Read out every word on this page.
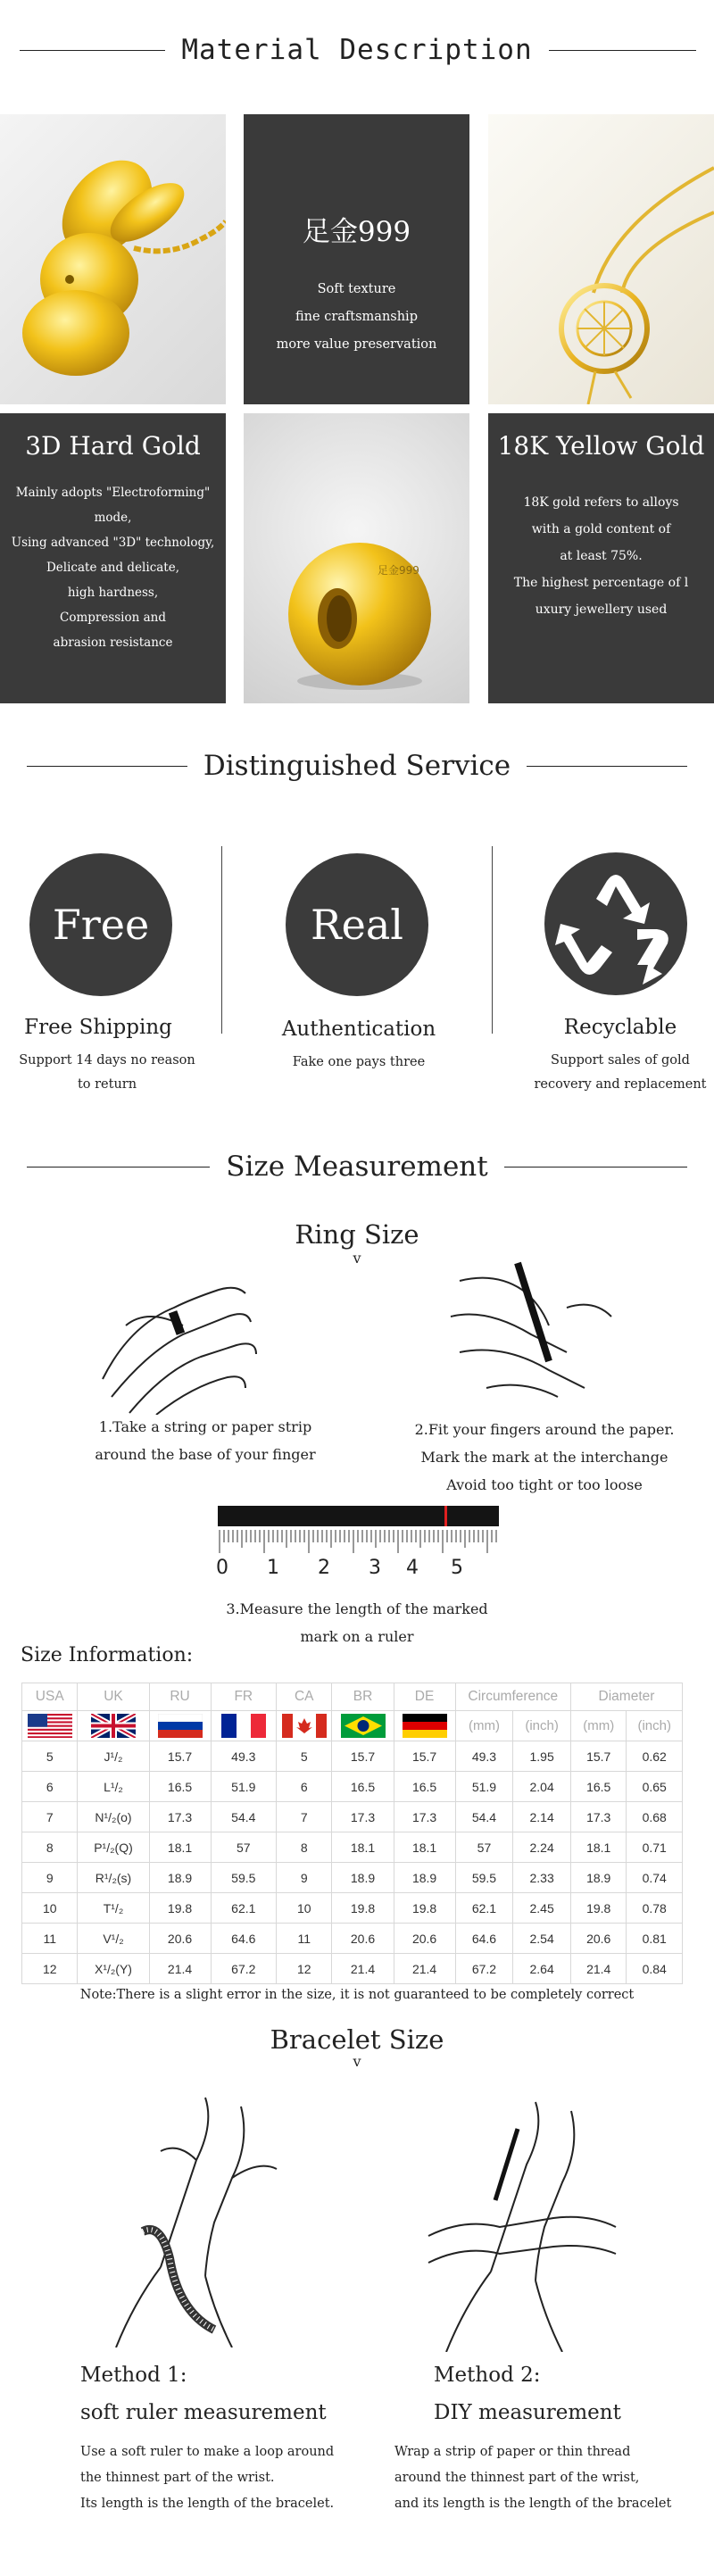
Material Description
足金999
Soft texture
fine craftsmanship
more value preservation
3D Hard Gold
Mainly adopts "Electroforming"
mode,
Using advanced "3D" technology,
Delicate and delicate,
high hardness,
Compression and
abrasion resistance
足金999
18K Yellow Gold
18K gold refers to alloys
with a gold content of
at least 75%.
The highest percentage of l
uxury jewellery used
Distinguished Service
Free	Real
Free Shipping
Support 14 days no reason
to return
Authentication
Fake one pays three
Recyclable
Support sales of gold
recovery and replacement
Size Measurement
Ring Size
v
1.Take a string or paper strip
around the base of your finger
2.Fit your fingers around the paper.
Mark the mark at the interchange
Avoid too tight or too loose
0 1 2 3 4 5
3.Measure the length of the marked
mark on a ruler
Size Information:
USA	UK	RU	FR	CA	BR	DE	Circumference		Diameter	
							(mm)	(inch)	(mm)	(inch)
5	J¹/₂	15.7	49.3	5	15.7	15.7	49.3	1.95	15.7	0.62
6	L¹/₂	16.5	51.9	6	16.5	16.5	51.9	2.04	16.5	0.65
7	N¹/₂(o)	17.3	54.4	7	17.3	17.3	54.4	2.14	17.3	0.68
8	P¹/₂(Q)	18.1	57	8	18.1	18.1	57	2.24	18.1	0.71
9	R¹/₂(s)	18.9	59.5	9	18.9	18.9	59.5	2.33	18.9	0.74
10	T¹/₂	19.8	62.1	10	19.8	19.8	62.1	2.45	19.8	0.78
11	V¹/₂	20.6	64.6	11	20.6	20.6	64.6	2.54	20.6	0.81
12	X¹/₂(Y)	21.4	67.2	12	21.4	21.4	67.2	2.64	21.4	0.84
Note:There is a slight error in the size, it is not guaranteed to be completely correct
Bracelet Size
v
Method 1:
soft ruler measurement
Use a soft ruler to make a loop around
the thinnest part of the wrist.
Its length is the length of the bracelet.
Method 2:
DIY measurement
Wrap a strip of paper or thin thread
around the thinnest part of the wrist,
and its length is the length of the bracelet
